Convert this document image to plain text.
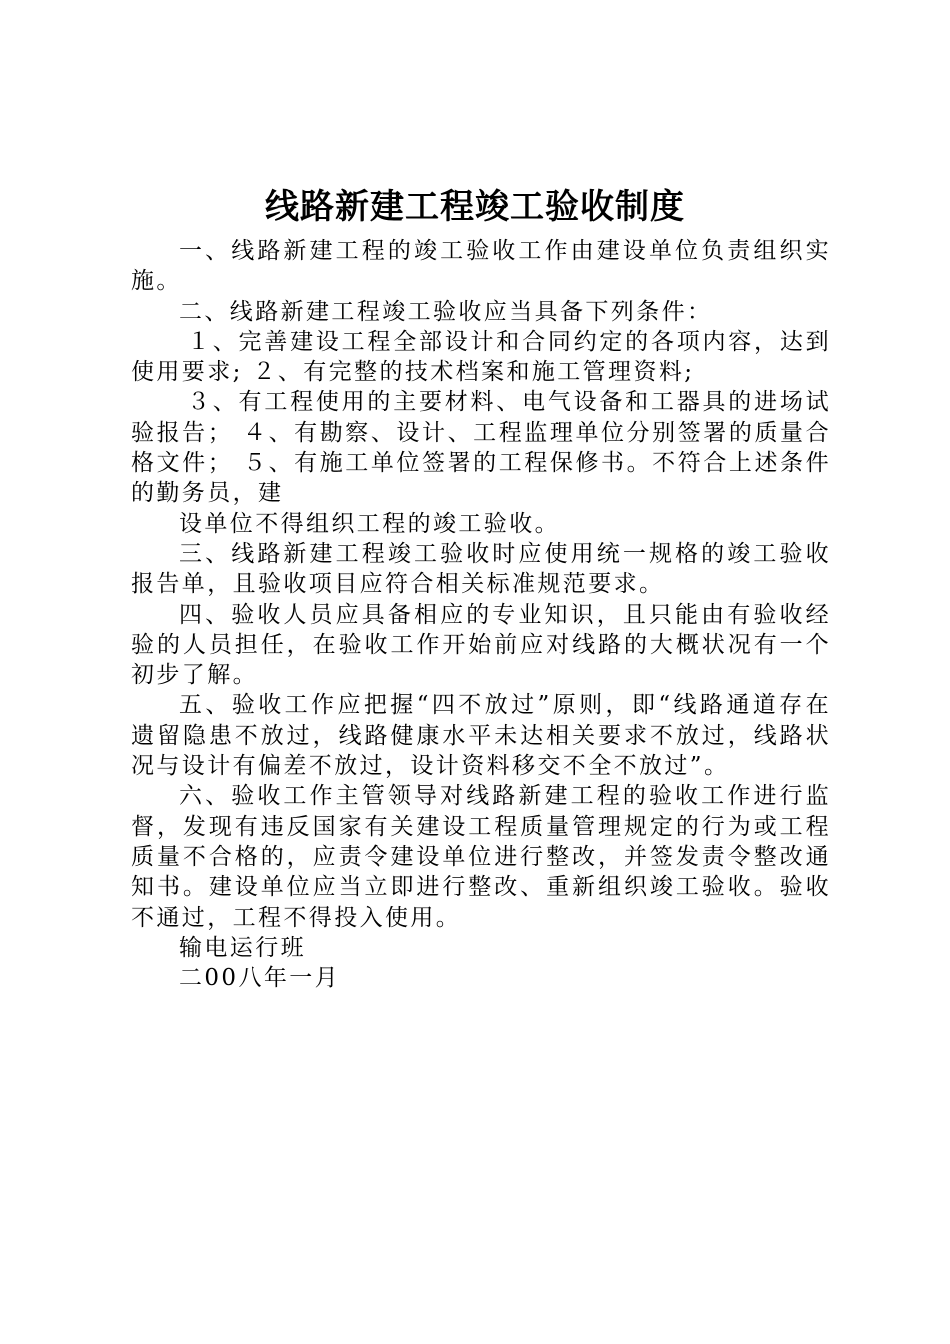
线路新建工程竣工验收制度

一、线路新建工程的竣工验收工作由建设单位负责组织实施。

二、线路新建工程竣工验收应当具备下列条件：

１、完善建设工程全部设计和合同约定的各项内容，达到使用要求; ２、有完整的技术档案和施工管理资料;

３、有工程使用的主要材料、电气设备和工器具的进场试验报告； ４、有勘察、设计、工程监理单位分别签署的质量合格文件； ５、有施工单位签署的工程保修书。不符合上述条件的勤务员，建

设单位不得组织工程的竣工验收。

三、线路新建工程竣工验收时应使用统一规格的竣工验收报告单，且验收项目应符合相关标准规范要求。

四、验收人员应具备相应的专业知识，且只能由有验收经验的人员担任，在验收工作开始前应对线路的大概状况有一个初步了解。

五、验收工作应把握“四不放过”原则，即“线路通道存在遗留隐患不放过，线路健康水平未达相关要求不放过，线路状况与设计有偏差不放过，设计资料移交不全不放过”。

六、验收工作主管领导对线路新建工程的验收工作进行监督，发现有违反国家有关建设工程质量管理规定的行为或工程质量不合格的，应责令建设单位进行整改，并签发责令整改通知书。建设单位应当立即进行整改、重新组织竣工验收。验收不通过，工程不得投入使用。

输电运行班

二00八年一月
